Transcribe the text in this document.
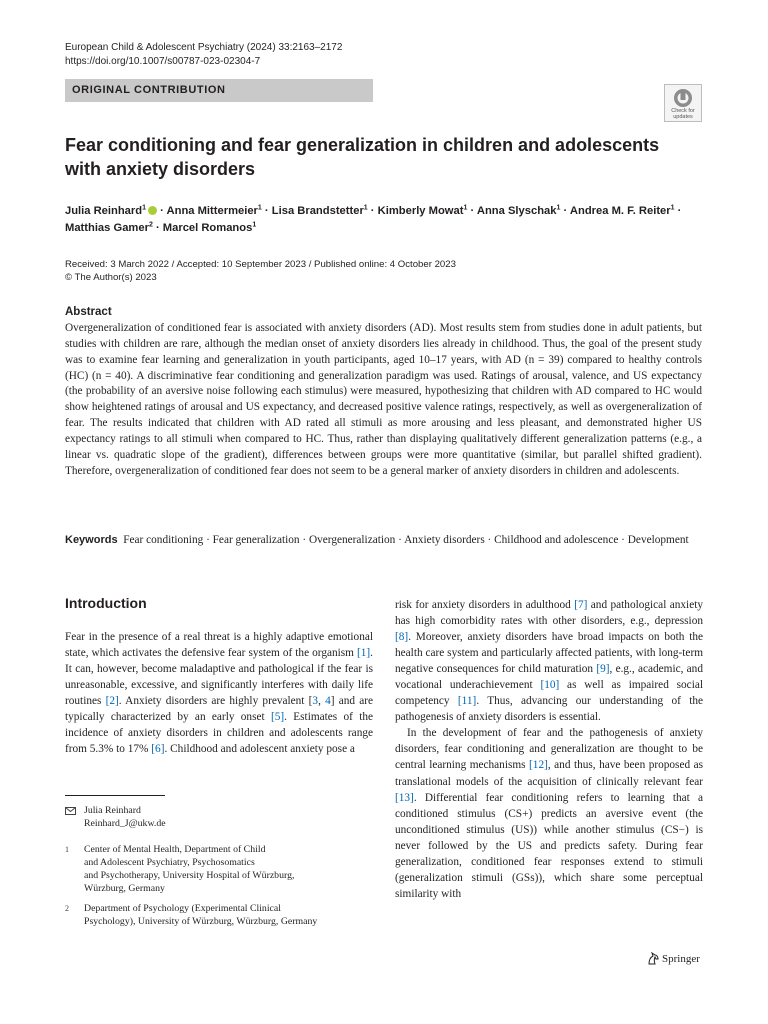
European Child & Adolescent Psychiatry (2024) 33:2163–2172
https://doi.org/10.1007/s00787-023-02304-7
ORIGINAL CONTRIBUTION
Check for
updates
Fear conditioning and fear generalization in children and adolescents with anxiety disorders
Julia Reinhard$^1$ · Anna Mittermeier$^1$ · Lisa Brandstetter$^1$ · Kimberly Mowat$^1$ · Anna Slyschak$^1$ · Andrea M. F. Reiter$^1$ ·
Matthias Gamer$^2$ · Marcel Romanos$^1$
Received: 3 March 2022 / Accepted: 10 September 2023 / Published online: 4 October 2023
© The Author(s) 2023
Abstract

Overgeneralization of conditioned fear is associated with anxiety disorders (AD). Most results stem from studies done in adult patients, but studies with children are rare, although the median onset of anxiety disorders lies already in childhood. Thus, the goal of the present study was to examine fear learning and generalization in youth participants, aged 10–17 years, with AD (n = 39) compared to healthy controls (HC) (n = 40). A discriminative fear conditioning and generalization paradigm was used. Ratings of arousal, valence, and US expectancy (the probability of an aversive noise following each stimulus) were measured, hypothesizing that children with AD compared to HC would show heightened ratings of arousal and US expectancy, and decreased positive valence ratings, respectively, as well as overgeneralization of fear. The results indicated that children with AD rated all stimuli as more arousing and less pleasant, and demonstrated higher US expectancy ratings to all stimuli when compared to HC. Thus, rather than displaying qualitatively different generalization patterns (e.g., a linear vs. quadratic slope of the gradient), differences between groups were more quantitative (similar, but parallel shifted gradient). Therefore, overgeneralization of conditioned fear does not seem to be a general marker of anxiety disorders in children and adolescents.

Keywords Fear conditioning · Fear generalization · Overgeneralization · Anxiety disorders · Childhood and adolescence · Development

Introduction

Fear in the presence of a real threat is a highly adaptive emotional state, which activates the defensive fear system of the organism [1]. It can, however, become maladaptive and pathological if the fear is unreasonable, excessive, and significantly interferes with daily life routines [2]. Anxiety disorders are highly prevalent [3, 4] and are typically characterized by an early onset [5]. Estimates of the incidence of anxiety disorders in children and adolescents range from 5.3% to 17% [6]. Childhood and adolescent anxiety pose a

risk for anxiety disorders in adulthood [7] and pathological anxiety has high comorbidity rates with other disorders, e.g., depression [8]. Moreover, anxiety disorders have broad impacts on both the health care system and particularly affected patients, with long-term negative consequences for child maturation [9], e.g., academic, and vocational underachievement [10] as well as impaired social competency [11]. Thus, advancing our understanding of the pathogenesis of anxiety disorders is essential.

In the development of fear and the pathogenesis of anxiety disorders, fear conditioning and generalization are thought to be central learning mechanisms [12], and thus, have been proposed as translational models of the acquisition of clinically relevant fear [13]. Differential fear conditioning refers to learning that a conditioned stimulus (CS+) predicts an aversive event (the unconditioned stimulus (US)) while another stimulus (CS−) is never followed by the US and predicts safety. During fear generalization, conditioned fear responses extend to stimuli (generalization stimuli (GSs)), which share some perceptual similarity with

Julia Reinhard
Reinhard_J@ukw.de
1 Center of Mental Health, Department of Child
and Adolescent Psychiatry, Psychosomatics
and Psychotherapy, University Hospital of Würzburg,
Würzburg, Germany
2 Department of Psychology (Experimental Clinical
Psychology), University of Würzburg, Würzburg, Germany
Springer
